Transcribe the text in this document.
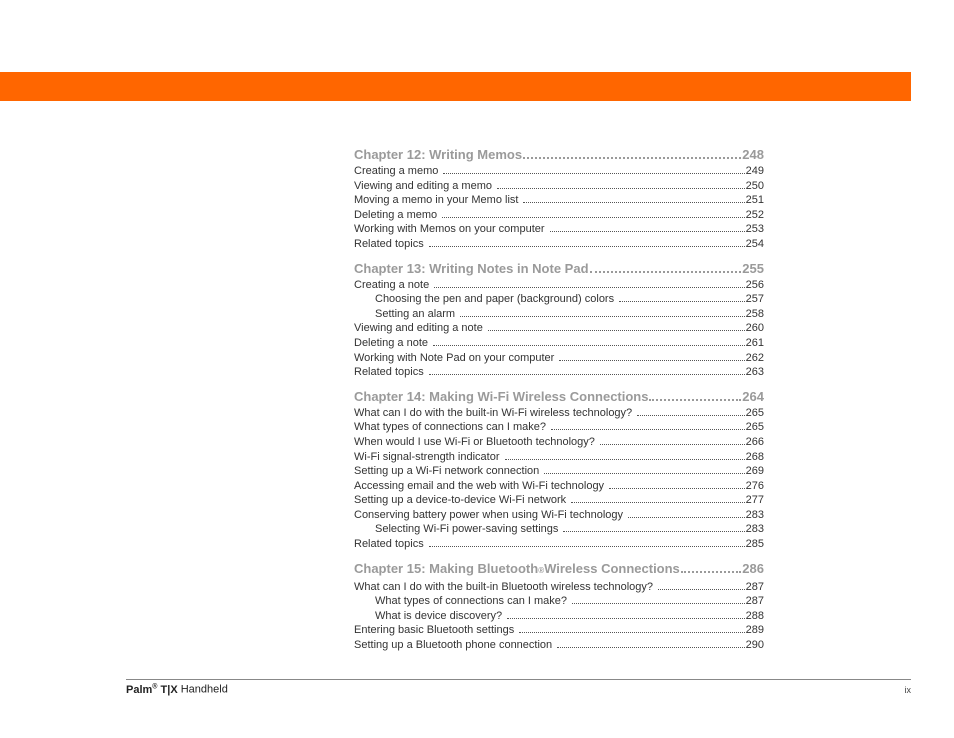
Chapter 12: Writing Memos	248
Creating a memo	249
Viewing and editing a memo	250
Moving a memo in your Memo list	251
Deleting a memo	252
Working with Memos on your computer	253
Related topics	254
Chapter 13: Writing Notes in Note Pad	255
Creating a note	256
Choosing the pen and paper (background) colors	257
Setting an alarm	258
Viewing and editing a note	260
Deleting a note	261
Working with Note Pad on your computer	262
Related topics	263
Chapter 14: Making Wi-Fi Wireless Connections	264
What can I do with the built-in Wi-Fi wireless technology?	265
What types of connections can I make?	265
When would I use Wi-Fi or Bluetooth technology?	266
Wi-Fi signal-strength indicator	268
Setting up a Wi-Fi network connection	269
Accessing email and the web with Wi-Fi technology	276
Setting up a device-to-device Wi-Fi network	277
Conserving battery power when using Wi-Fi technology	283
Selecting Wi-Fi power-saving settings	283
Related topics	285
Chapter 15: Making Bluetooth ® Wireless Connections	286
What can I do with the built-in Bluetooth wireless technology?	287
What types of connections can I make?	287
What is device discovery?	288
Entering basic Bluetooth settings	289
Setting up a Bluetooth phone connection	290
Palm® T|X Handheld	ix
